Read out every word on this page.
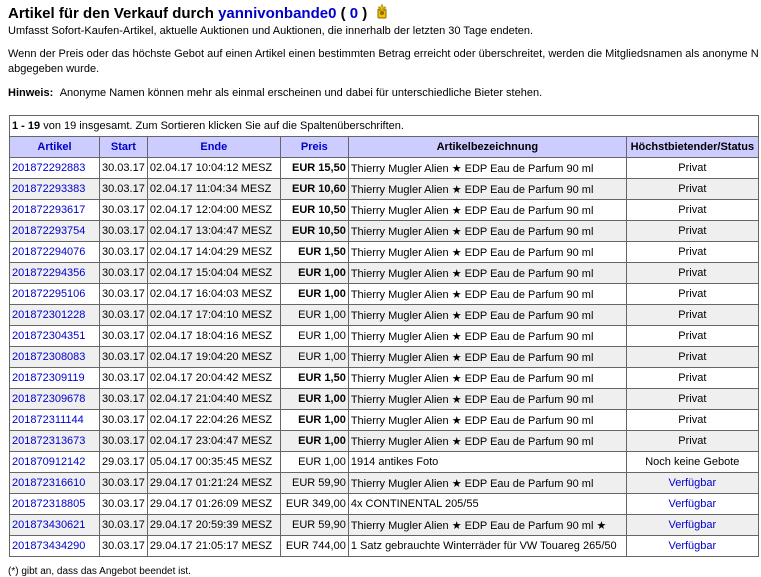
Artikel für den Verkauf durch yannivonbande0 ( 0 )
Umfasst Sofort-Kaufen-Artikel, aktuelle Auktionen und Auktionen, die innerhalb der letzten 30 Tage endeten.
Wenn der Preis oder das höchste Gebot auf einen Artikel einen bestimmten Betrag erreicht oder überschreitet, werden die Mitgliedsnamen als anonyme N
abgegeben wurde.
Hinweis: Anonyme Namen können mehr als einmal erscheinen und dabei für unterschiedliche Bieter stehen.
1 - 19 von 19 insgesamt. Zum Sortieren klicken Sie auf die Spaltenüberschriften.					
Artikel	Start	Ende	Preis	Artikelbezeichnung	Höchstbietender/Status
201872292883	30.03.17	02.04.17 10:04:12 MESZ	EUR 15,50	Thierry Mugler Alien ★ EDP Eau de Parfum 90 ml	Privat
201872293383	30.03.17	02.04.17 11:04:34 MESZ	EUR 10,60	Thierry Mugler Alien ★ EDP Eau de Parfum 90 ml	Privat
201872293617	30.03.17	02.04.17 12:04:00 MESZ	EUR 10,50	Thierry Mugler Alien ★ EDP Eau de Parfum 90 ml	Privat
201872293754	30.03.17	02.04.17 13:04:47 MESZ	EUR 10,50	Thierry Mugler Alien ★ EDP Eau de Parfum 90 ml	Privat
201872294076	30.03.17	02.04.17 14:04:29 MESZ	EUR 1,50	Thierry Mugler Alien ★ EDP Eau de Parfum 90 ml	Privat
201872294356	30.03.17	02.04.17 15:04:04 MESZ	EUR 1,00	Thierry Mugler Alien ★ EDP Eau de Parfum 90 ml	Privat
201872295106	30.03.17	02.04.17 16:04:03 MESZ	EUR 1,00	Thierry Mugler Alien ★ EDP Eau de Parfum 90 ml	Privat
201872301228	30.03.17	02.04.17 17:04:10 MESZ	EUR 1,00	Thierry Mugler Alien ★ EDP Eau de Parfum 90 ml	Privat
201872304351	30.03.17	02.04.17 18:04:16 MESZ	EUR 1,00	Thierry Mugler Alien ★ EDP Eau de Parfum 90 ml	Privat
201872308083	30.03.17	02.04.17 19:04:20 MESZ	EUR 1,00	Thierry Mugler Alien ★ EDP Eau de Parfum 90 ml	Privat
201872309119	30.03.17	02.04.17 20:04:42 MESZ	EUR 1,50	Thierry Mugler Alien ★ EDP Eau de Parfum 90 ml	Privat
201872309678	30.03.17	02.04.17 21:04:40 MESZ	EUR 1,00	Thierry Mugler Alien ★ EDP Eau de Parfum 90 ml	Privat
201872311144	30.03.17	02.04.17 22:04:26 MESZ	EUR 1,00	Thierry Mugler Alien ★ EDP Eau de Parfum 90 ml	Privat
201872313673	30.03.17	02.04.17 23:04:47 MESZ	EUR 1,00	Thierry Mugler Alien ★ EDP Eau de Parfum 90 ml	Privat
201870912142	29.03.17	05.04.17 00:35:45 MESZ	EUR 1,00	1914 antikes Foto	Noch keine Gebote
201872316610	30.03.17	29.04.17 01:21:24 MESZ	EUR 59,90	Thierry Mugler Alien ★ EDP Eau de Parfum 90 ml	Verfügbar
201872318805	30.03.17	29.04.17 01:26:09 MESZ	EUR 349,00	4x CONTINENTAL 205/55	Verfügbar
201873430621	30.03.17	29.04.17 20:59:39 MESZ	EUR 59,90	Thierry Mugler Alien ★ EDP Eau de Parfum 90 ml ★	Verfügbar
201873434290	30.03.17	29.04.17 21:05:17 MESZ	EUR 744,00	1 Satz gebrauchte Winterräder für VW Touareg 265/50	Verfügbar
(*) gibt an, dass das Angebot beendet ist.
